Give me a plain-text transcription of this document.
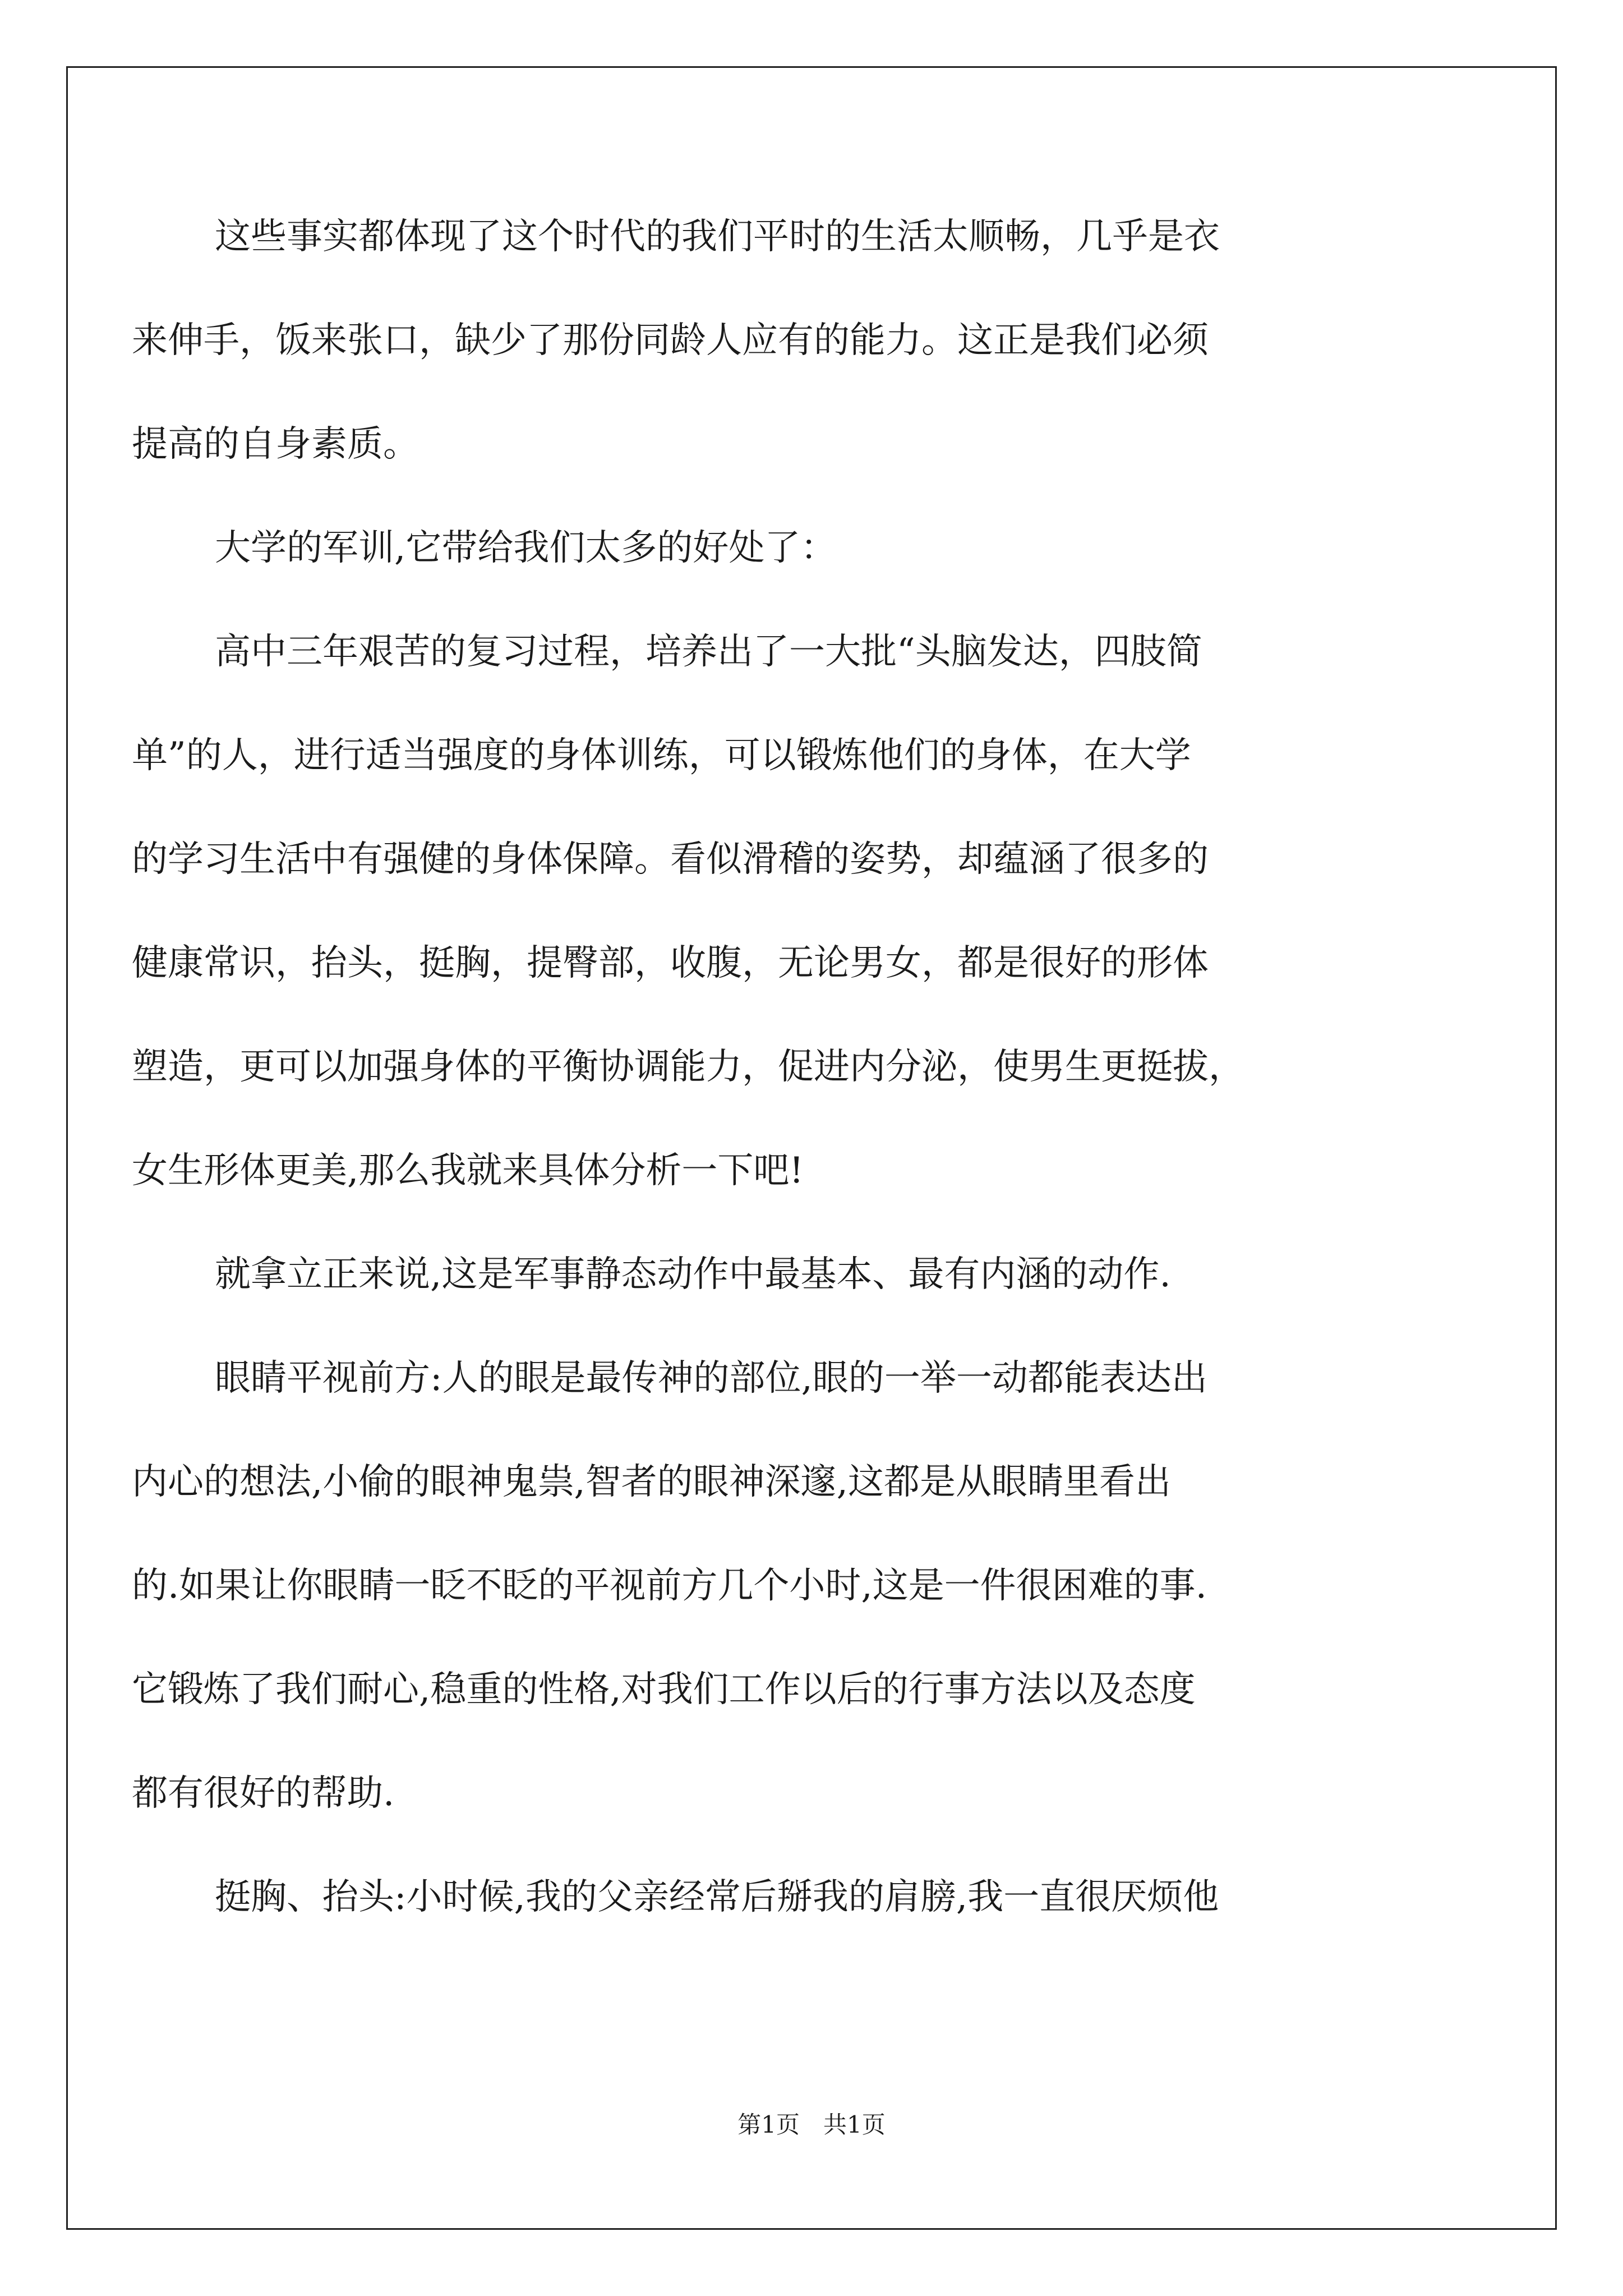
这些事实都体现了这个时代的我们平时的生活太顺畅，几乎是衣
来伸手，饭来张口，缺少了那份同龄人应有的能力。这正是我们必须
提高的自身素质。
大学的军训,它带给我们太多的好处了：
高中三年艰苦的复习过程，培养出了一大批“头脑发达，四肢简
单”的人，进行适当强度的身体训练，可以锻炼他们的身体，在大学
的学习生活中有强健的身体保障。看似滑稽的姿势，却蕴涵了很多的
健康常识，抬头，挺胸，提臀部，收腹，无论男女，都是很好的形体
塑造，更可以加强身体的平衡协调能力，促进内分泌，使男生更挺拔，
女生形体更美,那么我就来具体分析一下吧!
就拿立正来说,这是军事静态动作中最基本、最有内涵的动作.
眼睛平视前方:人的眼是最传神的部位,眼的一举一动都能表达出
内心的想法,小偷的眼神鬼祟,智者的眼神深邃,这都是从眼睛里看出
的.如果让你眼睛一眨不眨的平视前方几个小时,这是一件很困难的事.
它锻炼了我们耐心,稳重的性格,对我们工作以后的行事方法以及态度
都有很好的帮助.
挺胸、抬头:小时候,我的父亲经常后掰我的肩膀,我一直很厌烦他
第1页　共1页
